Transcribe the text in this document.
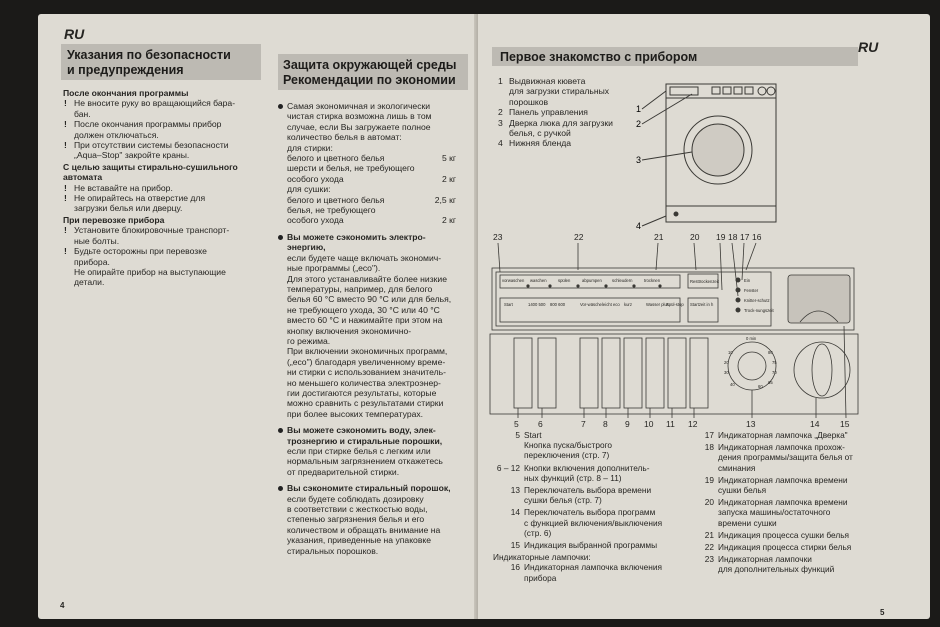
RU
Указания по безопасности
и предупреждения
После окончания программы
! Не вносите руку во вращающийся бара-
бан.
! После окончания программы прибор
должен отключаться.
! При отсутствии системы безопасности
„Aqua–Stop" закройте краны.
С целью защиты стирально-сушильного автомата
! Не вставайте на прибор.
! Не опирайтесь на отверстие для
загрузки белья или дверцу.
При перевозке прибора
! Установите блокировочные транспорт-
ные болты.
! Будьте осторожны при перевозке
прибора.
Не опирайте прибор на выступающие
детали.
Защита окружающей среды
Рекомендации по экономии
Самая экономичная и экологически
чистая стирка возможна лишь в том
случае, если Вы загружаете полное
количество белья в автомат:
для стирки:
белого и цветного белья	5 кг
шерсти и белья, не требующего
особого ухода	2 кг
для сушки:
белого и цветного белья	2,5 кг
белья, не требующего
особого ухода	2 кг
Вы можете сэкономить электро-
энергию,
если будете чаще включать экономич-
ные программы („eco").
Для этого устанавливайте более низкие
температуры, например, для белого
белья 60 °C вместо 90 °C или для белья,
не требующего ухода, 30 °C или 40 °C
вместо 60 °C и нажимайте при этом на
кнопку включения экономично-
го режима.
При включении экономичных программ,
(„eco") благодаря увеличенному време-
ни стирки с использованием значитель-
но меньшего количества электроэнер-
гии достигаются результаты, которые
можно сравнить с результатами стирки
при более высоких температурах.
Вы можете сэкономить воду, элек-
трознергию и стиральные порошки,
если при стирке белья с легким или
нормальным загрязнением откажетесь
от предварительной стирки.
Вы сэкономите стиральный порошок,
если будете соблюдать дозировку
в соответствии с жесткостью воды,
степенью загрязнения белья и его
количеством и обращать внимание на
указания, приведенные на упаковке
стиральных порошков.
4
Первое знакомство с прибором
RU
1 Выдвижная кювета
для загрузки стиральных
порошков
2 Панель управления
3 Дверка люка для загрузки
белья, с ручкой
4 Нижняя бленда
1
2
3
4
23	22	21	20 19 18 17 16
vorwaschen waschen	spülen	abpumpen schleudern	trocknen	Resttrockenzeit	Ein
Fenster
Knitter-schutz
Trock-nungszeit
Start	1400 500 800 600	Vor-wäsche leicht eco kurz	Wasser plus
Spül-stop Startzeit in h
0 min
10	80
20	75
30	70
40	60
65
5 6	7 8 9 10 11 12	13	14 15
5 Start
Кнопка пуска/быстрого
переключения (стр. 7)
6 – 12 Кнопки включения дополнитель-
ных функций (стр. 8 – 11)
13 Переключатель выбора времени
сушки белья (стр. 7)
14 Переключатель выбора программ
с функцией включения/выключения
(стр. 6)
15 Индикация выбранной программы
Индикаторные лампочки:
16 Индикаторная лампочка включения
прибора
17 Индикаторная лампочка „Дверка"
18 Индикаторная лампочка прохож-
дения программы/защита белья от
сминания
19 Индикаторная лампочка времени
сушки белья
20 Индикаторная лампочка времени
запуска машины/остаточного
времени сушки
21 Индикация процесса сушки белья
22 Индикация процесса стирки белья
23 Индикаторная лампочки
для дополнительных функций
5
